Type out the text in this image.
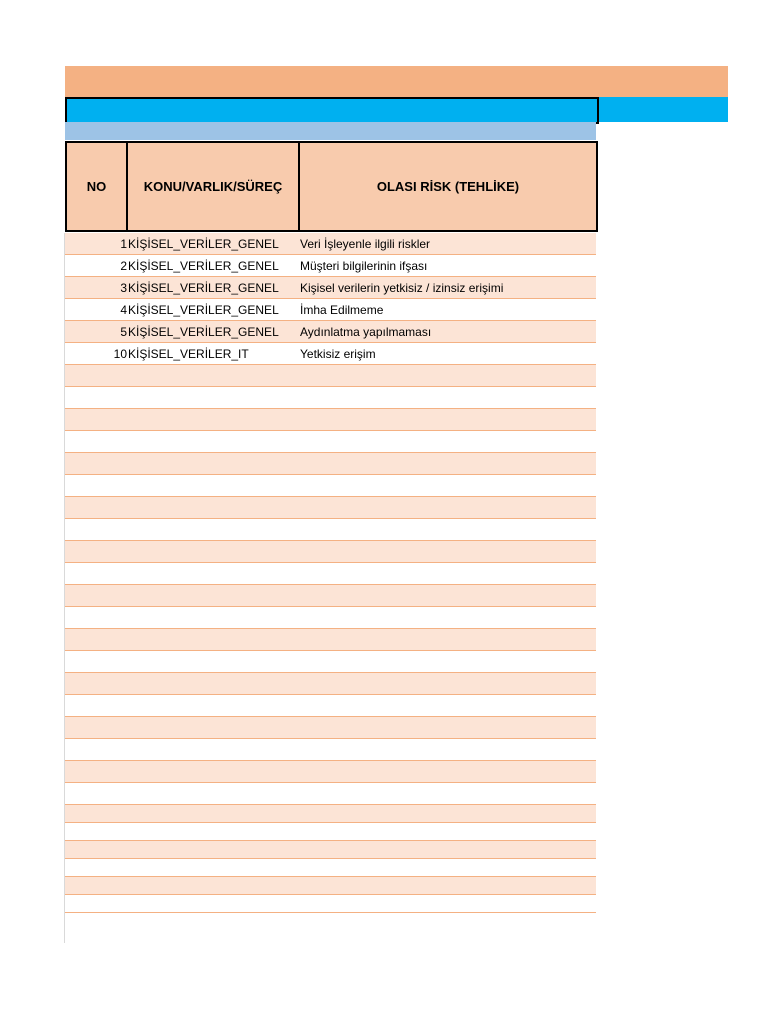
NO	KONU/VARLIK/SÜREÇ	OLASI RİSK (TEHLİKE)
1 KİŞİSEL_VERİLER_GENEL	Veri İşleyenle ilgili riskler
2 KİŞİSEL_VERİLER_GENEL	Müşteri bilgilerinin ifşası
3 KİŞİSEL_VERİLER_GENEL	Kişisel verilerin yetkisiz / izinsiz erişimi
4 KİŞİSEL_VERİLER_GENEL	İmha Edilmeme
5 KİŞİSEL_VERİLER_GENEL	Aydınlatma yapılmaması
10 KİŞİSEL_VERİLER_IT	Yetkisiz erişim
